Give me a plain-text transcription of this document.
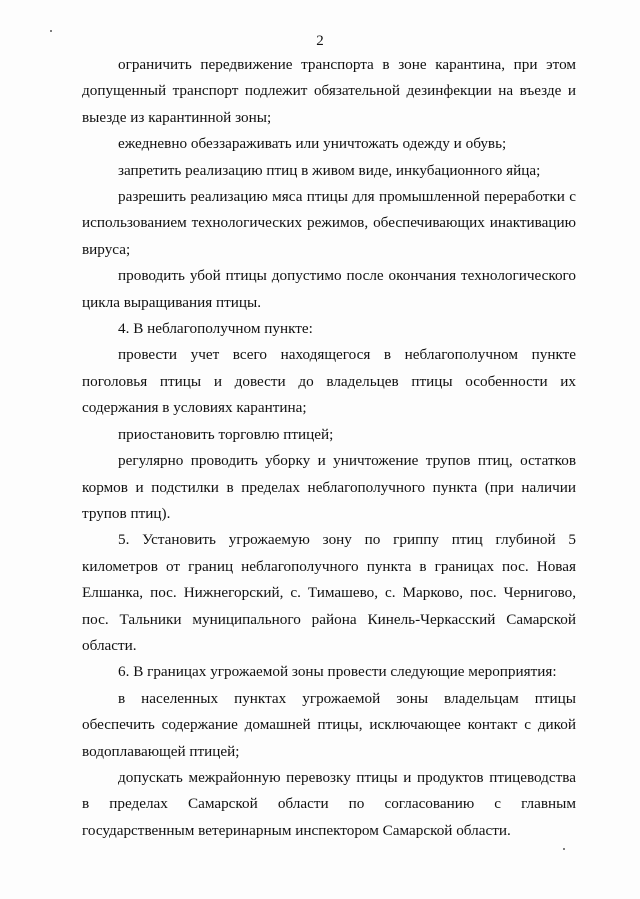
2

ограничить передвижение транспорта в зоне карантина, при этом допущенный транспорт подлежит обязательной дезинфекции на въезде и выезде из карантинной зоны;

ежедневно обеззараживать или уничтожать одежду и обувь;

запретить реализацию птиц в живом виде, инкубационного яйца;

разрешить реализацию мяса птицы для промышленной переработки с использованием технологических режимов, обеспечивающих инактивацию вируса;

проводить убой птицы допустимо после окончания технологического цикла выращивания птицы.

4. В неблагополучном пункте:

провести учет всего находящегося в неблагополучном пункте поголовья птицы и довести до владельцев птицы особенности их содержания в условиях карантина;

приостановить торговлю птицей;

регулярно проводить уборку и уничтожение трупов птиц, остатков кормов и подстилки в пределах неблагополучного пункта (при наличии трупов птиц).

5. Установить угрожаемую зону по гриппу птиц глубиной 5 километров от границ неблагополучного пункта в границах пос. Новая Елшанка, пос. Нижнегорский, с. Тимашево, с. Марково, пос. Чернигово, пос. Тальники муниципального района Кинель-Черкасский Самарской области.

6. В границах угрожаемой зоны провести следующие мероприятия:

в населенных пунктах угрожаемой зоны владельцам птицы обеспечить содержание домашней птицы, исключающее контакт с дикой водоплавающей птицей;

допускать межрайонную перевозку птицы и продуктов птицеводства в пределах Самарской области по согласованию с главным государственным ветеринарным инспектором Самарской области.
